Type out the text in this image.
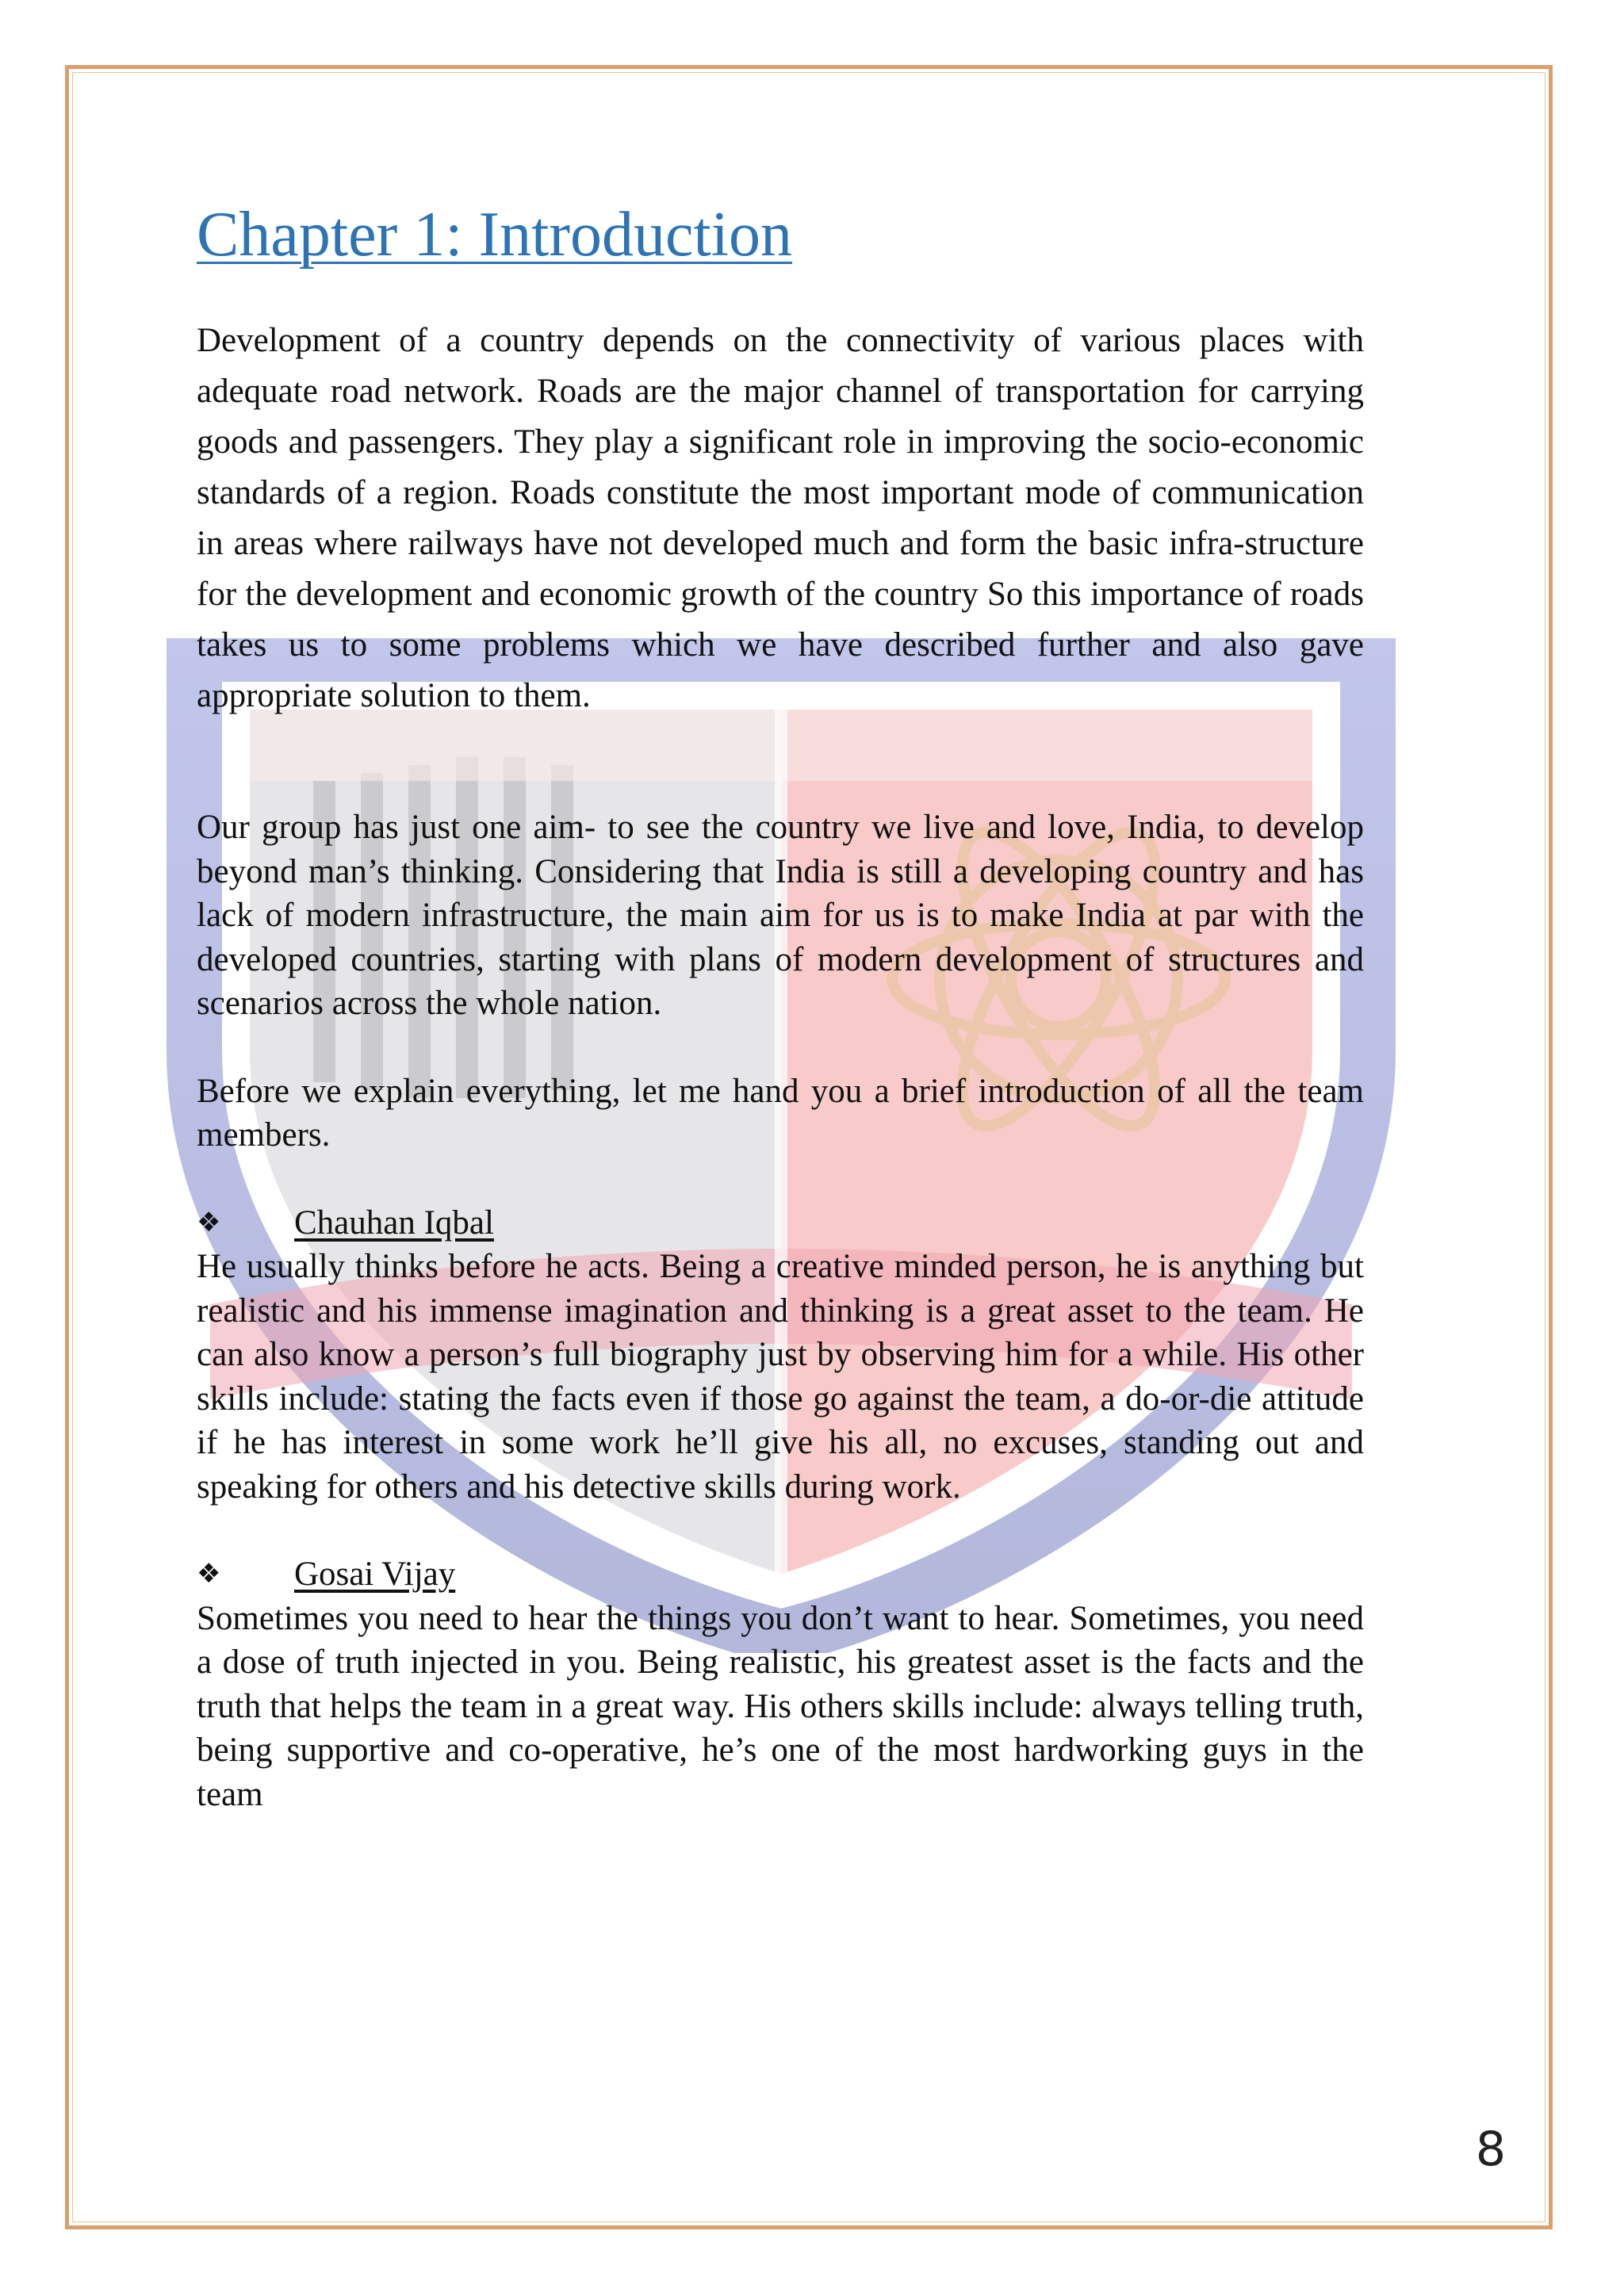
Chapter 1: Introduction

Development of a country depends on the connectivity of various places with adequate road network. Roads are the major channel of transportation for carrying goods and passengers. They play a significant role in improving the socio-economic standards of a region. Roads constitute the most important mode of communication in areas where railways have not developed much and form the basic infra-structure for the development and economic growth of the country So this importance of roads takes us to some problems which we have described further and also gave appropriate solution to them.

Our group has just one aim- to see the country we live and love, India, to develop beyond man’s thinking. Considering that India is still a developing country and has lack of modern infrastructure, the main aim for us is to make India at par with the developed countries, starting with plans of modern development of structures and scenarios across the whole nation.

Before we explain everything, let me hand you a brief introduction of all the team members.

❖	Chauhan Iqbal

He usually thinks before he acts. Being a creative minded person, he is anything but realistic and his immense imagination and thinking is a great asset to the team. He can also know a person’s full biography just by observing him for a while. His other skills include: stating the facts even if those go against the team, a do-or-die attitude if he has interest in some work he’ll give his all, no excuses, standing out and speaking for others and his detective skills during work.

❖	Gosai Vijay

Sometimes you need to hear the things you don’t want to hear. Sometimes, you need a dose of truth injected in you. Being realistic, his greatest asset is the facts and the truth that helps the team in a great way. His others skills include: always telling truth, being supportive and co-operative, he’s one of the most hardworking guys in the team

8
